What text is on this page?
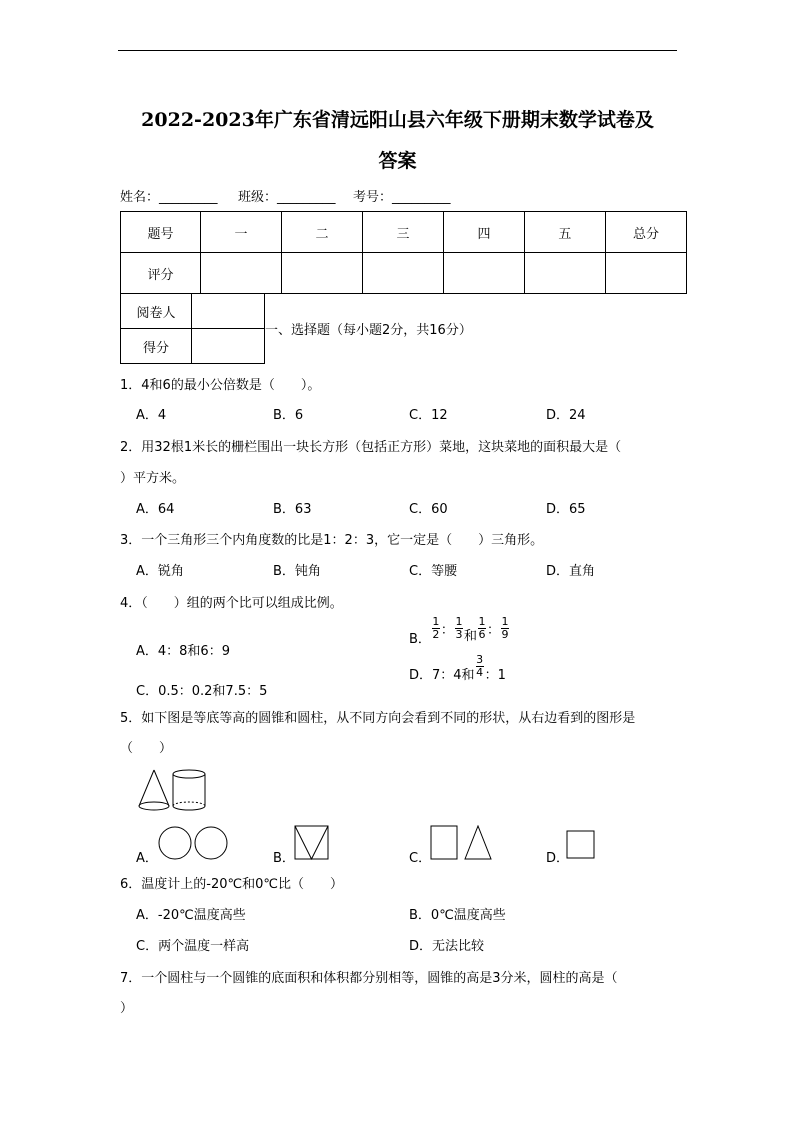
2022-2023年广东省清远阳山县六年级下册期末数学试卷及
答案
姓名：_________ 班级：_________ 考号：_________
题号	一	二	三	四	五	总分
评分						
阅卷人	
得分	
一、选择题（每小题2分，共16分）
1．4和6的最小公倍数是（　　）。
A．4	B．6	C．12	D．24
2．用32根1米长的栅栏围出一块长方形（包括正方形）菜地，这块菜地的面积最大是（
）平方米。
A．64	B．63	C．60	D．65
3．一个三角形三个内角度数的比是1：2：3，它一定是（　　）三角形。
A．锐角	B．钝角	C．等腰	D．直角
4．（　　）组的两个比可以组成比例。
A．4：8和6：9
B． $\frac{1}{2}$ ： $\frac{1}{3}$ 和 $\frac{1}{6}$ ： $\frac{1}{9}$
C．0.5：0.2和7.5：5
D．7：4和 $\frac{3}{4}$ ：1
5．如下图是等底等高的圆锥和圆柱，从不同方向会看到不同的形状，从右边看到的图形是
（　　）
A．	B．	C．	D．
6．温度计上的-20℃和0℃比（　　）
A．-20℃温度高些	B．0℃温度高些
C．两个温度一样高	D．无法比较
7．一个圆柱与一个圆锥的底面积和体积都分别相等，圆锥的高是3分米，圆柱的高是（
）
